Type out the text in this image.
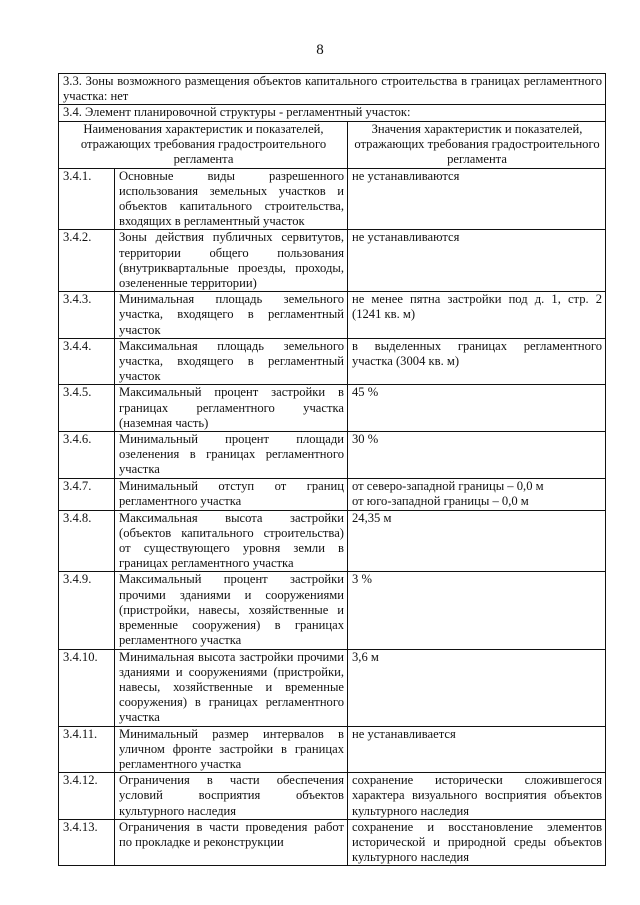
8
3.3. Зоны возможного размещения объектов капитального строительства в границах регламентного участка: нет		
3.4. Элемент планировочной структуры - регламентный участок:		
Наименования характеристик и показателей, отражающих требования градостроительного регламента		Значения характеристик и показателей, отражающих требования градостроительного регламента
3.4.1.	Основные виды разрешенного использования земельных участков и объектов капитального строительства, входящих в регламентный участок	не устанавливаются
3.4.2.	Зоны действия публичных сервитутов, территории общего пользования (внутриквартальные проезды, проходы, озелененные территории)	не устанавливаются
3.4.3.	Минимальная площадь земельного участка, входящего в регламентный участок	не менее пятна застройки под д. 1, стр. 2 (1241 кв. м)
3.4.4.	Максимальная площадь земельного участка, входящего в регламентный участок	в выделенных границах регламентного участка (3004 кв. м)
3.4.5.	Максимальный процент застройки в границах регламентного участка (наземная часть)	45 %
3.4.6.	Минимальный процент площади озеленения в границах регламентного участка	30 %
3.4.7.	Минимальный отступ от границ регламентного участка	от северо-западной границы – 0,0 м
от юго-западной границы – 0,0 м

3.4.8.	Максимальная высота застройки (объектов капитального строительства) от существующего уровня земли в границах регламентного участка	24,35 м
3.4.9.	Максимальный процент застройки прочими зданиями и сооружениями (пристройки, навесы, хозяйственные и временные сооружения) в границах регламентного участка	3 %
3.4.10.	Минимальная высота застройки прочими зданиями и сооружениями (пристройки, навесы, хозяйственные и временные сооружения) в границах регламентного участка	3,6 м
3.4.11.	Минимальный размер интервалов в уличном фронте застройки в границах регламентного участка	не устанавливается
3.4.12.	Ограничения в части обеспечения условий восприятия объектов культурного наследия	сохранение исторически сложившегося характера визуального восприятия объектов культурного наследия
3.4.13.	Ограничения в части проведения работ по прокладке и реконструкции	сохранение и восстановление элементов исторической и природной среды объектов культурного наследия
